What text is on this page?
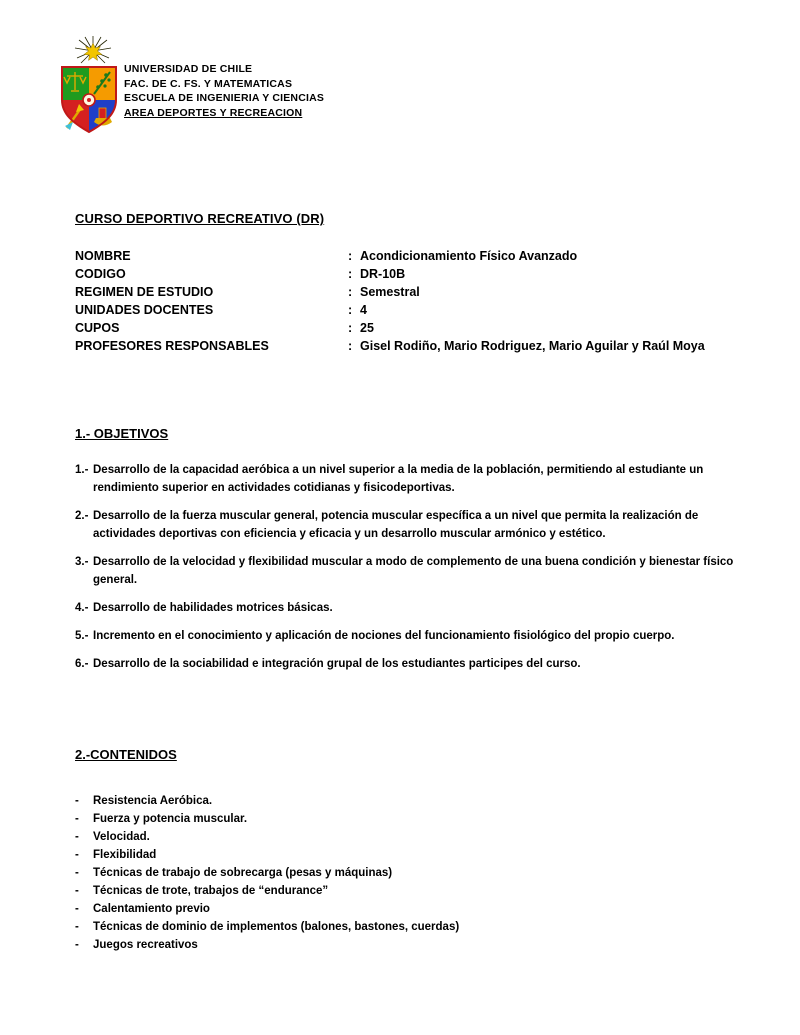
UNIVERSIDAD DE CHILE
FAC. DE C. FS. Y MATEMATICAS
ESCUELA DE INGENIERIA Y CIENCIAS
AREA DEPORTES Y RECREACION
CURSO DEPORTIVO RECREATIVO (DR)
NOMBRE	: Acondicionamiento Físico Avanzado
CODIGO	: DR-10B
REGIMEN DE ESTUDIO	: Semestral
UNIDADES DOCENTES	: 4
CUPOS	: 25
PROFESORES RESPONSABLES	: Gisel Rodiño, Mario Rodriguez, Mario Aguilar y Raúl Moya
1.- OBJETIVOS
1.- Desarrollo de la capacidad aeróbica a un nivel superior a la media de la población, permitiendo al estudiante un  rendimiento superior en actividades cotidianas y fisicodeportivas.
2.- Desarrollo de la fuerza muscular general, potencia muscular específica a un nivel que permita la realización de actividades deportivas con eficiencia y eficacia y un desarrollo muscular armónico y estético.
3.- Desarrollo de la velocidad y flexibilidad muscular a modo de complemento de una buena condición y bienestar físico general.
4.- Desarrollo de habilidades motrices básicas.
5.- Incremento en el conocimiento y aplicación de nociones del funcionamiento fisiológico del propio cuerpo.
6.- Desarrollo de la sociabilidad e integración grupal de los estudiantes participes del curso.
2.-CONTENIDOS
-	Resistencia Aeróbica.
-	Fuerza y potencia muscular.
-	Velocidad.
-	Flexibilidad
-	Técnicas de trabajo de sobrecarga (pesas y máquinas)
-	Técnicas de trote, trabajos de “endurance”
-	Calentamiento previo
-	Técnicas de dominio de implementos (balones, bastones, cuerdas)
-	Juegos recreativos
